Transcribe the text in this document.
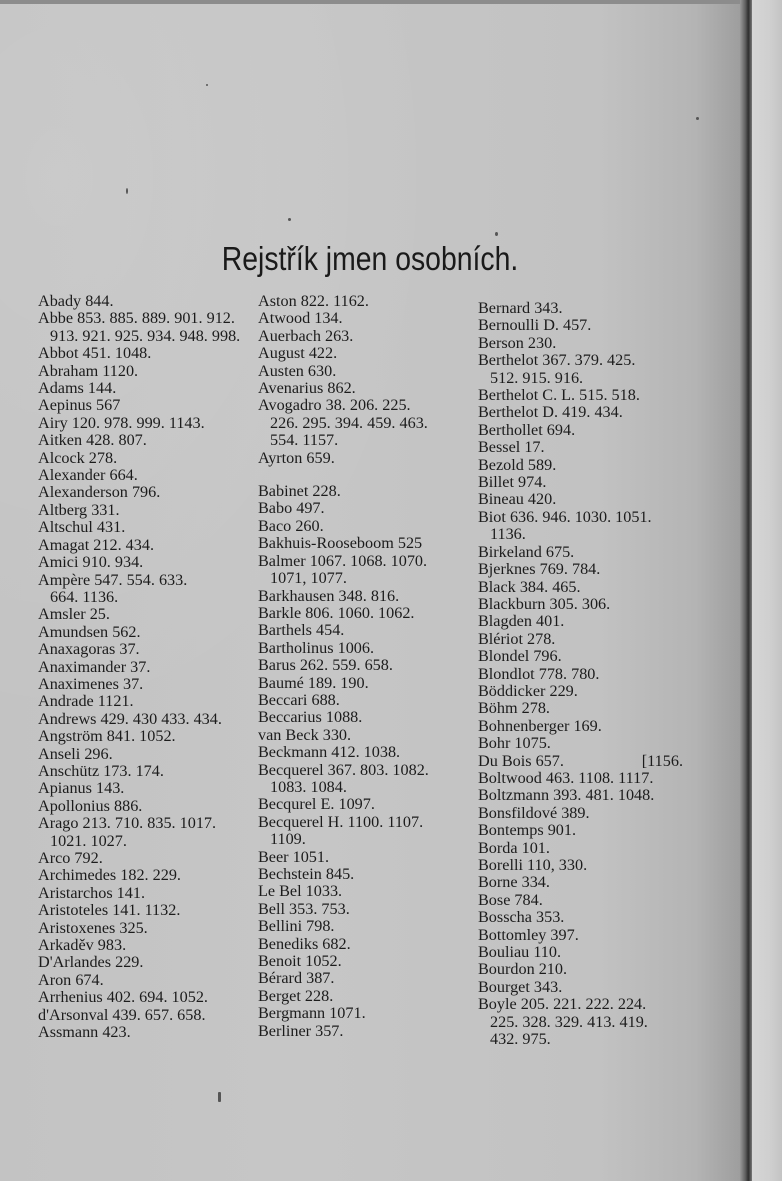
Rejstřík jmen osobních.
Abady 844.
Abbe 853. 885. 889. 901. 912.
913. 921. 925. 934. 948. 998.
Abbot 451. 1048.
Abraham 1120.
Adams 144.
Aepinus 567
Airy 120. 978. 999. 1143.
Aitken 428. 807.
Alcock 278.
Alexander 664.
Alexanderson 796.
Altberg 331.
Altschul 431.
Amagat 212. 434.
Amici 910. 934.
Ampère 547. 554. 633.
664. 1136.
Amsler 25.
Amundsen 562.
Anaxagoras 37.
Anaximander 37.
Anaximenes 37.
Andrade 1121.
Andrews 429. 430 433. 434.
Angström 841. 1052.
Anseli 296.
Anschütz 173. 174.
Apianus 143.
Apollonius 886.
Arago 213. 710. 835. 1017.
1021. 1027.
Arco 792.
Archimedes 182. 229.
Aristarchos 141.
Aristoteles 141. 1132.
Aristoxenes 325.
Arkaděv 983.
D'Arlandes 229.
Aron 674.
Arrhenius 402. 694. 1052.
d'Arsonval 439. 657. 658.
Assmann 423.
Aston 822. 1162.
Atwood 134.
Auerbach 263.
August 422.
Austen 630.
Avenarius 862.
Avogadro 38. 206. 225.
226. 295. 394. 459. 463.
554. 1157.
Ayrton 659.
Babinet 228.
Babo 497.
Baco 260.
Bakhuis-Rooseboom 525
Balmer 1067. 1068. 1070.
1071, 1077.
Barkhausen 348. 816.
Barkle 806. 1060. 1062.
Barthels 454.
Bartholinus 1006.
Barus 262. 559. 658.
Baumé 189. 190.
Beccari 688.
Beccarius 1088.
van Beck 330.
Beckmann 412. 1038.
Becquerel 367. 803. 1082.
1083. 1084.
Becqurel E. 1097.
Becquerel H. 1100. 1107.
1109.
Beer 1051.
Bechstein 845.
Le Bel 1033.
Bell 353. 753.
Bellini 798.
Benediks 682.
Benoit 1052.
Bérard 387.
Berget 228.
Bergmann 1071.
Berliner 357.
Bernard 343.
Bernoulli D. 457.
Berson 230.
Berthelot 367. 379. 425.
512. 915. 916.
Berthelot C. L. 515. 518.
Berthelot D. 419. 434.
Berthollet 694.
Bessel 17.
Bezold 589.
Billet 974.
Bineau 420.
Biot 636. 946. 1030. 1051.
1136.
Birkeland 675.
Bjerknes 769. 784.
Black 384. 465.
Blackburn 305. 306.
Blagden 401.
Blériot 278.
Blondel 796.
Blondlot 778. 780.
Böddicker 229.
Böhm 278.
Bohnenberger 169.
Bohr 1075.
Du Bois 657.	[1156.
Boltwood 463. 1108. 1117.
Boltzmann 393. 481. 1048.
Bonsfildové 389.
Bontemps 901.
Borda 101.
Borelli 110, 330.
Borne 334.
Bose 784.
Bosscha 353.
Bottomley 397.
Bouliau 110.
Bourdon 210.
Bourget 343.
Boyle 205. 221. 222. 224.
225. 328. 329. 413. 419.
432. 975.
